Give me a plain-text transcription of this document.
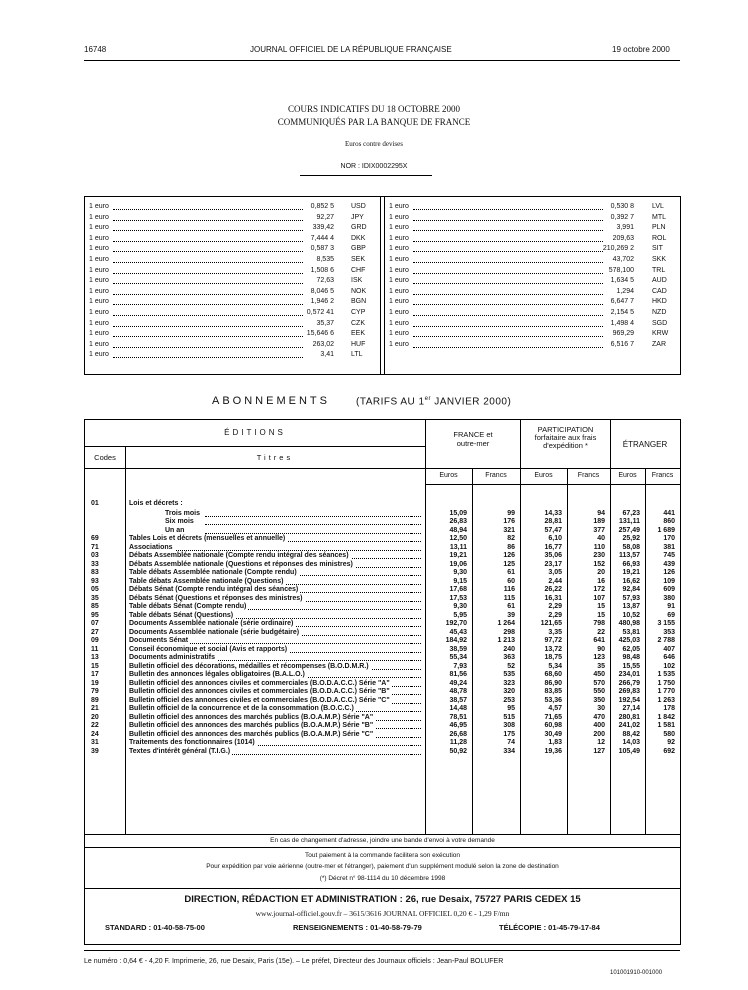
16748	JOURNAL OFFICIEL DE LA RÉPUBLIQUE FRANÇAISE	19 octobre 2000
COURS INDICATIFS DU 18 OCTOBRE 2000
COMMUNIQUÉS PAR LA BANQUE DE FRANCE
Euros contre devises
NOR : IDIX0002295X
1 euro	0,852 5 USD
1 euro	92,27 JPY
1 euro	339,42 GRD
1 euro	7,444 4 DKK
1 euro	0,587 3 GBP
1 euro	8,535 SEK
1 euro	1,508 6 CHF
1 euro	72,63 ISK
1 euro	8,046 5 NOK
1 euro	1,946 2 BGN
1 euro	0,572 41 CYP
1 euro	35,37 CZK
1 euro	15,646 6 EEK
1 euro	263,02 HUF
1 euro	3,41 LTL
1 euro	0,530 8	LVL
1 euro	0,392 7	MTL
1 euro	3,991	PLN
1 euro	209,63	ROL
1 euro	210,269 2	SIT
1 euro	43,702	SKK
1 euro	578,100	TRL
1 euro	1,634 5	AUD
1 euro	1,294	CAD
1 euro	6,647 7	HKD
1 euro	2,154 5	NZD
1 euro	1,498 4	SGD
1 euro	969,29	KRW
1 euro	6,516 7	ZAR
ABONNEMENTS	(TARIFS AU 1er JANVIER 2000)
ÉDITIONS
Codes	Titres
FRANCE et outre-mer
PARTICIPATION forfaitaire aux frais d'expédition *	ÉTRANGER
Euros	Francs	Euros	Francs	Euros	Francs
01	Lois et décrets :
Trois mois	15,09	99	14,33	94	67,23	441
Six mois	26,83	176	28,81	189	131,11	860
Un an	48,94	321	57,47	377	257,49	1 689
69	Tables Lois et décrets (mensuelles et annuelle)	12,50	82	6,10	40	25,92	170
71	Associations	13,11	86	16,77	110	58,08	381
03	Débats Assemblée nationale (Compte rendu intégral des séances)	19,21	126	35,06	230	113,57	745
33	Débats Assemblée nationale (Questions et réponses des ministres)	19,06	125	23,17	152	66,93	439
83	Table débats Assemblée nationale (Compte rendu)	9,30	61	3,05	20	19,21	126
93	Table débats Assemblée nationale (Questions)	9,15	60	2,44	16	16,62	109
05	Débats Sénat (Compte rendu intégral des séances)	17,68	116	26,22	172	92,84	609
35	Débats Sénat (Questions et réponses des ministres)	17,53	115	16,31	107	57,93	380
85	Table débats Sénat (Compte rendu)	9,30	61	2,29	15	13,87	91
95	Table débats Sénat (Questions)	5,95	39	2,29	15	10,52	69
07	Documents Assemblée nationale (série ordinaire)	192,70	1 264	121,65	798	480,98	3 155
27	Documents Assemblée nationale (série budgétaire)	45,43	298	3,35	22	53,81	353
09	Documents Sénat	184,92	1 213	97,72	641	425,03	2 788
11	Conseil économique et social (Avis et rapports)	38,59	240	13,72	90	62,05	407
13	Documents administratifs	55,34	363	18,75	123	98,48	646
15	Bulletin officiel des décorations, médailles et récompenses (B.O.D.M.R.)	7,93	52	5,34	35	15,55	102
17	Bulletin des annonces légales obligatoires (B.A.L.O.)	81,56	535	68,60	450	234,01	1 535
19	Bulletin officiel des annonces civiles et commerciales (B.O.D.A.C.C.) Série "A"	49,24	323	86,90	570	266,79	1 750
79	Bulletin officiel des annonces civiles et commerciales (B.O.D.A.C.C.) Série "B"	48,78	320	83,85	550	269,83	1 770
89	Bulletin officiel des annonces civiles et commerciales (B.O.D.A.C.C.) Série "C"	38,57	253	53,36	350	192,54	1 263
21	Bulletin officiel de la concurrence et de la consommation (B.O.C.C.)	14,48	95	4,57	30	27,14	178
20	Bulletin officiel des annonces des marchés publics (B.O.A.M.P.) Série "A"	78,51	515	71,65	470	280,81	1 842
22	Bulletin officiel des annonces des marchés publics (B.O.A.M.P.) Série "B"	46,95	308	60,98	400	241,02	1 581
24	Bulletin officiel des annonces des marchés publics (B.O.A.M.P.) Série "C"	26,68	175	30,49	200	88,42	580
31	Traitements des fonctionnaires (1014)	11,28	74	1,83	12	14,03	92
39	Textes d'intérêt général (T.I.G.)	50,92	334	19,36	127	105,49	692
En cas de changement d'adresse, joindre une bande d'envoi à votre demande
Tout paiement à la commande facilitera son exécution
Pour expédition par voie aérienne (outre-mer et l'étranger), paiement d'un supplément modulé selon la zone de destination
(*) Décret n° 98-1114 du 10 décembre 1998
DIRECTION, RÉDACTION ET ADMINISTRATION : 26, rue Desaix, 75727 PARIS CEDEX 15
www.journal-officiel.gouv.fr – 3615/3616 JOURNAL OFFICIEL 0,20 € - 1,29 F/mn
STANDARD : 01-40-58-75-00	RENSEIGNEMENTS : 01-40-58-79-79	TÉLÉCOPIE : 01-45-79-17-84
Le numéro : 0,64 € - 4,20 F. Imprimerie, 26, rue Desaix, Paris (15e). – Le préfet, Directeur des Journaux officiels : Jean-Paul BOLUFER
101001910-001000
